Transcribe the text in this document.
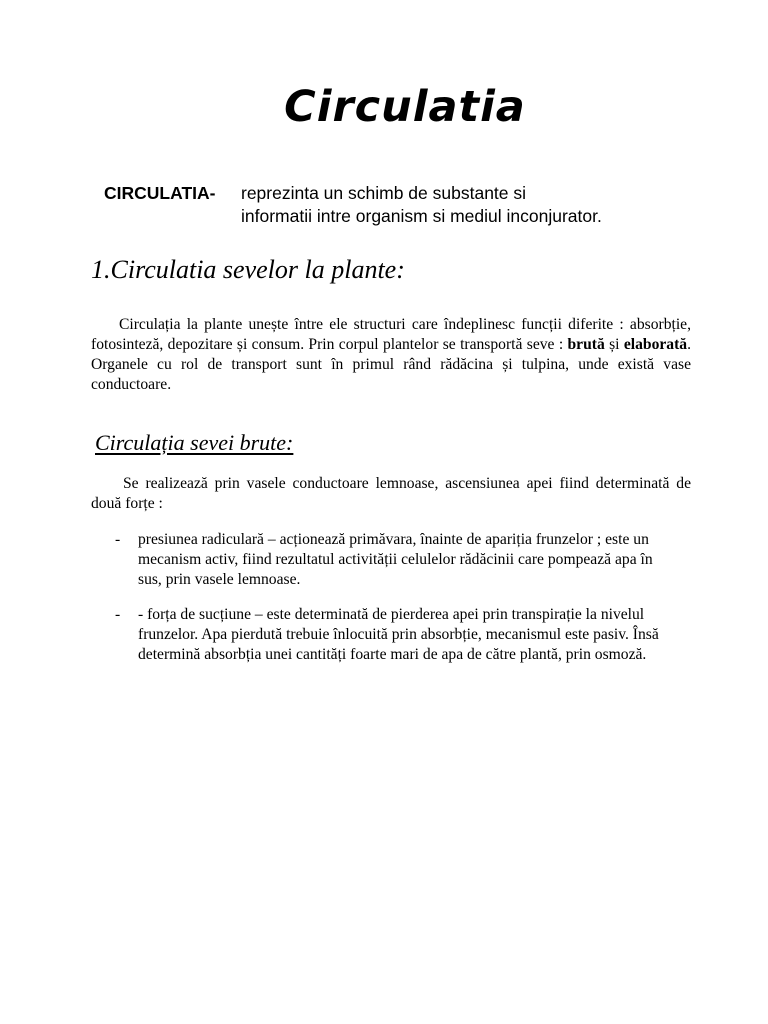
Circulatia
CIRCULATIA- reprezinta un schimb de substante si
informatii intre organism si mediul inconjurator.
1.Circulatia sevelor la plante:

Circulația la plante unește între ele structuri care îndeplinesc funcții diferite : absorbție, fotosinteză, depozitare și consum. Prin corpul plantelor se transportă seve : brută și elaborată. Organele cu rol de transport sunt în primul rând rădăcina și tulpina, unde există vase conductoare.

Circulația sevei brute:

Se realizează prin vasele conductoare lemnoase, ascensiunea apei fiind determinată de două forțe :

-	presiunea radiculară – acționează primăvara, înainte de apariția frunzelor ; este un mecanism activ, fiind rezultatul activității celulelor rădăcinii care pompează apa în sus, prin vasele lemnoase.
-	- forța de sucțiune – este determinată de pierderea apei prin transpirație la nivelul frunzelor. Apa pierdută trebuie înlocuită prin absorbție, mecanismul este pasiv. Însă determină absorbția unei cantități foarte mari de apa de către plantă, prin osmoză.
